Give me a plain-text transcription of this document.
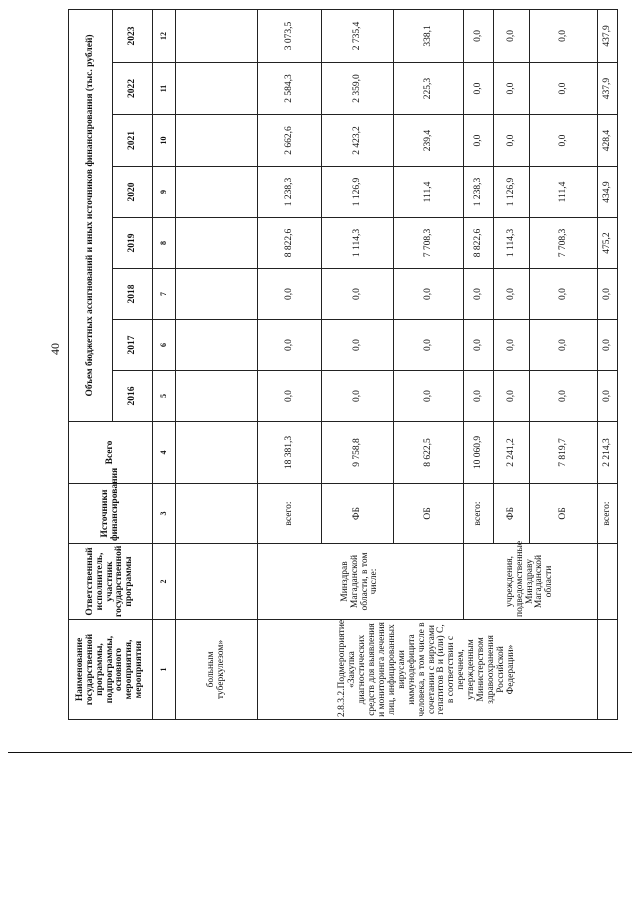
40
Наименование государственной программы, подпрограммы, основного мероприятия, мероприятия	Ответственный исполнитель, участник государственной программы	Источники финансирования	Всего	Объем бюджетных ассигнований и иных источников финансирования (тыс. рублей)							
				2016	2017	2018	2019	2020	2021	2022	2023
1	2	3	4	5	6	7	8	9	10	11	12
больным туберкулезом»											
2.8.3.2.Подмероприятие «Закупка диагностических средств для выявления и мониторинга лечения лиц, инфицированных вирусами иммунодефицита человека, в том числе в сочетании с вирусами гепатитов B и (или) C, в соответствии с перечнем, утвержденным Министерством здравоохранения Российской Федерации»	Минздрав Магаданской области, в том числе:	всего:	18 381,3	0,0	0,0	0,0	8 822,6	1 238,3	2 662,6	2 584,3	3 073,5
		ФБ	9 758,8	0,0	0,0	0,0	1 114,3	1 126,9	2 423,2	2 359,0	2 735,4
		ОБ	8 622,5	0,0	0,0	0,0	7 708,3	111,4	239,4	225,3	338,1
	учреждения, подведомственные Минздраву Магаданской области	всего:	10 060,9	0,0	0,0	0,0	8 822,6	1 238,3	0,0	0,0	0,0
		ФБ	2 241,2	0,0	0,0	0,0	1 114,3	1 126,9	0,0	0,0	0,0
		ОБ	7 819,7	0,0	0,0	0,0	7 708,3	111,4	0,0	0,0	0,0
		всего:	2 214,3	0,0	0,0	0,0	475,2	434,9	428,4	437,9	437,9
